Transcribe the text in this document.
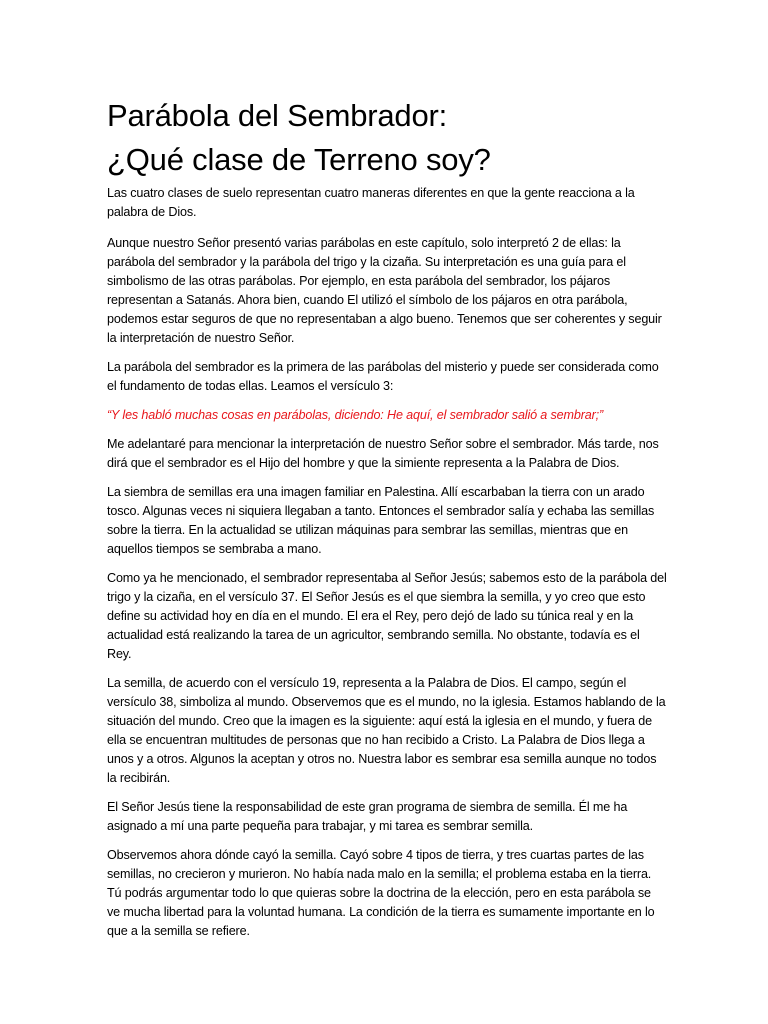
Parábola del Sembrador:
¿Qué clase de Terreno soy?

Las cuatro clases de suelo representan cuatro maneras diferentes en que la gente reacciona a la palabra de Dios.

Aunque nuestro Señor presentó varias parábolas en este capítulo, solo interpretó 2 de ellas: la parábola del sembrador y la parábola del trigo y la cizaña. Su interpretación es una guía para el simbolismo de las otras parábolas. Por ejemplo, en esta parábola del sembrador, los pájaros representan a Satanás. Ahora bien, cuando El utilizó el símbolo de los pájaros en otra parábola, podemos estar seguros de que no representaban a algo bueno. Tenemos que ser coherentes y seguir la interpretación de nuestro Señor.

La parábola del sembrador es la primera de las parábolas del misterio y puede ser considerada como el fundamento de todas ellas. Leamos el versículo 3:

“Y les habló muchas cosas en parábolas, diciendo: He aquí, el sembrador salió a sembrar;”

Me adelantaré para mencionar la interpretación de nuestro Señor sobre el sembrador. Más tarde, nos dirá que el sembrador es el Hijo del hombre y que la simiente representa a la Palabra de Dios.

La siembra de semillas era una imagen familiar en Palestina. Allí escarbaban la tierra con un arado tosco. Algunas veces ni siquiera llegaban a tanto. Entonces el sembrador salía y echaba las semillas sobre la tierra. En la actualidad se utilizan máquinas para sembrar las semillas, mientras que en aquellos tiempos se sembraba a mano.

Como ya he mencionado, el sembrador representaba al Señor Jesús; sabemos esto de la parábola del trigo y la cizaña, en el versículo 37. El Señor Jesús es el que siembra la semilla, y yo creo que esto define su actividad hoy en día en el mundo. El era el Rey, pero dejó de lado su túnica real y en la actualidad está realizando la tarea de un agricultor, sembrando semilla. No obstante, todavía es el Rey.

La semilla, de acuerdo con el versículo 19, representa a la Palabra de Dios. El campo, según el versículo 38, simboliza al mundo. Observemos que es el mundo, no la iglesia. Estamos hablando de la situación del mundo. Creo que la imagen es la siguiente: aquí está la iglesia en el mundo, y fuera de ella se encuentran multitudes de personas que no han recibido a Cristo. La Palabra de Dios llega a unos y a otros. Algunos la aceptan y otros no. Nuestra labor es sembrar esa semilla aunque no todos la recibirán.

El Señor Jesús tiene la responsabilidad de este gran programa de siembra de semilla. Él me ha asignado a mí una parte pequeña para trabajar, y mi tarea es sembrar semilla.

Observemos ahora dónde cayó la semilla. Cayó sobre 4 tipos de tierra, y tres cuartas partes de las semillas, no crecieron y murieron. No había nada malo en la semilla; el problema estaba en la tierra. Tú podrás argumentar todo lo que quieras sobre la doctrina de la elección, pero en esta parábola se ve mucha libertad para la voluntad humana. La condición de la tierra es sumamente importante en lo que a la semilla se refiere.
